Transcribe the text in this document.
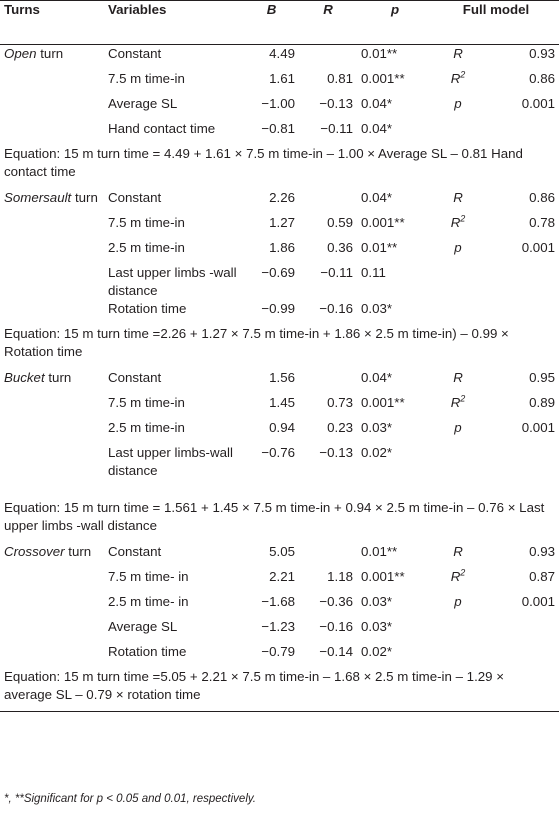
Turns	Variables	B	R	p	Full model	
Open turn	Constant	4.49		0.01**	R	0.93
	7.5 m time-in	1.61	0.81	0.001**	$R^2$	0.86
	Average SL	−1.00	−0.13	0.04*	p	0.001
	Hand contact time	−0.81	−0.11	0.04*		
Equation: 15 m turn time = 4.49 + 1.61 × 7.5 m time-in – 1.00 × Average SL – 0.81 Hand contact time						
Somersault turn	Constant	2.26		0.04*	R	0.86
	7.5 m time-in	1.27	0.59	0.001**	$R^2$	0.78
	2.5 m time-in	1.86	0.36	0.01**	p	0.001
	Last upper limbs -wall distance	−0.69	−0.11	0.11		
	Rotation time	−0.99	−0.16	0.03*		
Equation: 15 m turn time =2.26 + 1.27 × 7.5 m time-in + 1.86 × 2.5 m time-in) – 0.99 × Rotation time						
Bucket turn	Constant	1.56		0.04*	R	0.95
	7.5 m time-in	1.45	0.73	0.001**	$R^2$	0.89
	2.5 m time-in	0.94	0.23	0.03*	p	0.001
	Last upper limbs-wall distance	−0.76	−0.13	0.02*		
Equation: 15 m turn time = 1.561 + 1.45 × 7.5 m time-in + 0.94 × 2.5 m time-in – 0.76 × Last upper limbs -wall distance						
Crossover turn	Constant	5.05		0.01**	R	0.93
	7.5 m time- in	2.21	1.18	0.001**	$R^2$	0.87
	2.5 m time- in	−1.68	−0.36	0.03*	p	0.001
	Average SL	−1.23	−0.16	0.03*		
	Rotation time	−0.79	−0.14	0.02*		
Equation: 15 m turn time =5.05 + 2.21 × 7.5 m time-in – 1.68 × 2.5 m time-in – 1.29 × average SL – 0.79 × rotation time						
*, **Significant for p < 0.05 and 0.01, respectively.
